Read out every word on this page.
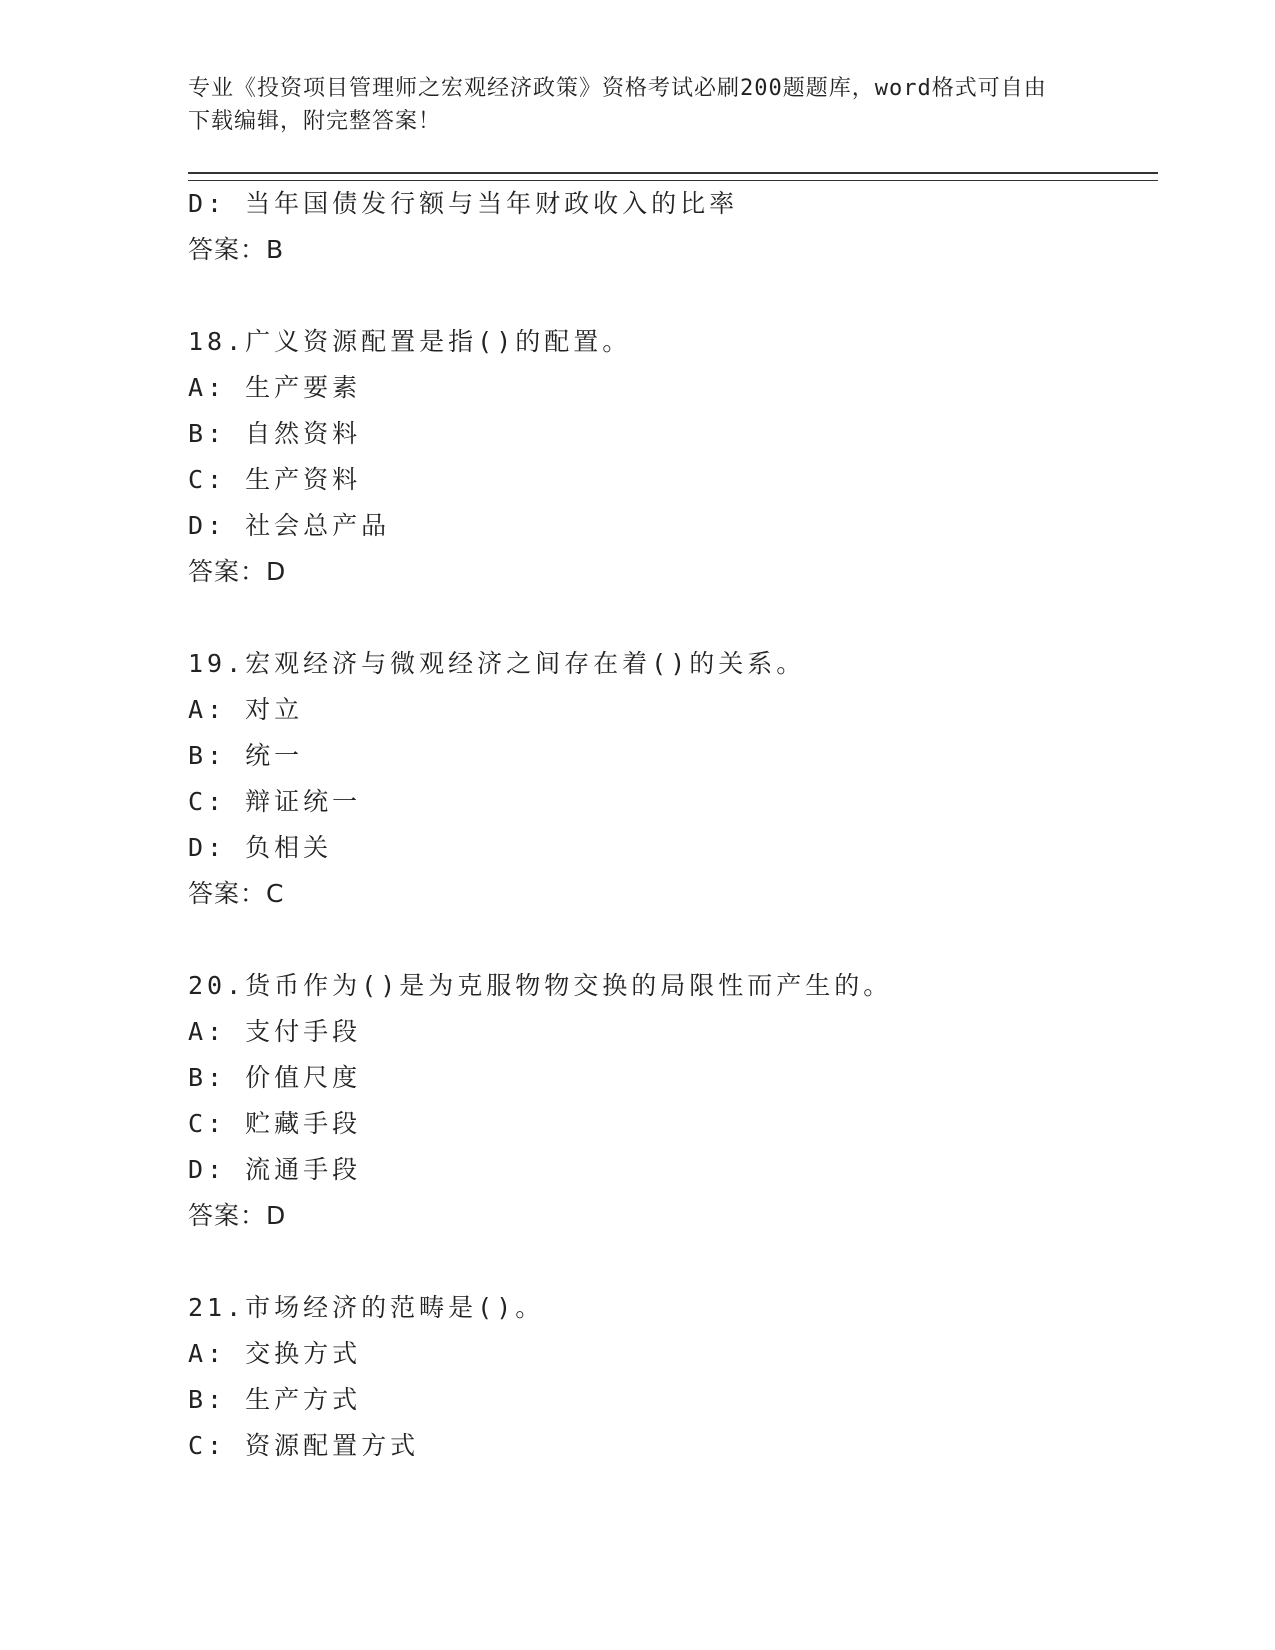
专业《投资项目管理师之宏观经济政策》资格考试必刷200题题库，word格式可自由下载编辑，附完整答案！

D: 当年国债发行额与当年财政收入的比率

答案：B

18.广义资源配置是指()的配置。

A: 生产要素

B: 自然资料

C: 生产资料

D: 社会总产品

答案：D

19.宏观经济与微观经济之间存在着()的关系。

A: 对立

B: 统一

C: 辩证统一

D: 负相关

答案：C

20.货币作为()是为克服物物交换的局限性而产生的。

A: 支付手段

B: 价值尺度

C: 贮藏手段

D: 流通手段

答案：D

21.市场经济的范畴是()。

A: 交换方式

B: 生产方式

C: 资源配置方式
